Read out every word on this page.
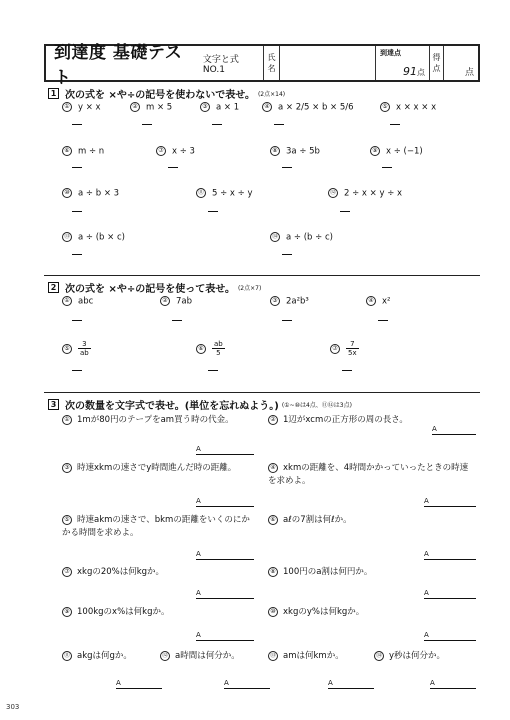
到達度 基礎テスト
文字と式 NO.1
氏
名
到達点
91点
得
点	点
1 次の式を ×や÷の記号を使わないで表せ。 (2点×14)
① y × x	② m × 5	③ a × 1	④ a × 2/5 × b × 5/6	⑤ x × x × x
⑥ m ÷ n	⑦ x ÷ 3	⑧ 3a ÷ 5b	⑨ x ÷ (−1)
⑩ a ÷ b × 3	⑪ 5 ÷ x ÷ y	⑫ 2 ÷ x × y ÷ x
⑬ a ÷ (b × c)	⑭ a ÷ (b ÷ c)
2 次の式を ×や÷の記号を使って表せ。 (2点×7)
① abc	② 7ab	③ 2a²b³	④ x²
⑤ $\frac{3}{ab}$	⑥ $\frac{ab}{5}$	⑦ $\frac{7}{5x}$
3 次の数量を文字式で表せ。(単位を忘れぬよう。) (①~⑩は4点、⑪⑭は3点)
① 1mが80円のテープをam買う時の代金。	② 1辺がxcmの正方形の周の長さ。
A
A
③ 時速xkmの速さでy時間進んだ時の距離。	④ xkmの距離を、4時間かかっていったときの時速を求めよ。
A	A
⑤ 時速akmの速さで、bkmの距離をいくのにかかる時間を求めよ。
⑥ aℓの7割は何ℓか。
A	A
⑦ xkgの20%は何kgか。	⑧ 100円のa割は何円か。
A	A
⑨ 100kgのx%は何kgか。	⑩ xkgのy%は何kgか。
A	A
⑪ akgは何gか。	⑫ a時間は何分か。	⑬ amは何kmか。	⑭ y秒は何分か。
A	A	A	A
303
